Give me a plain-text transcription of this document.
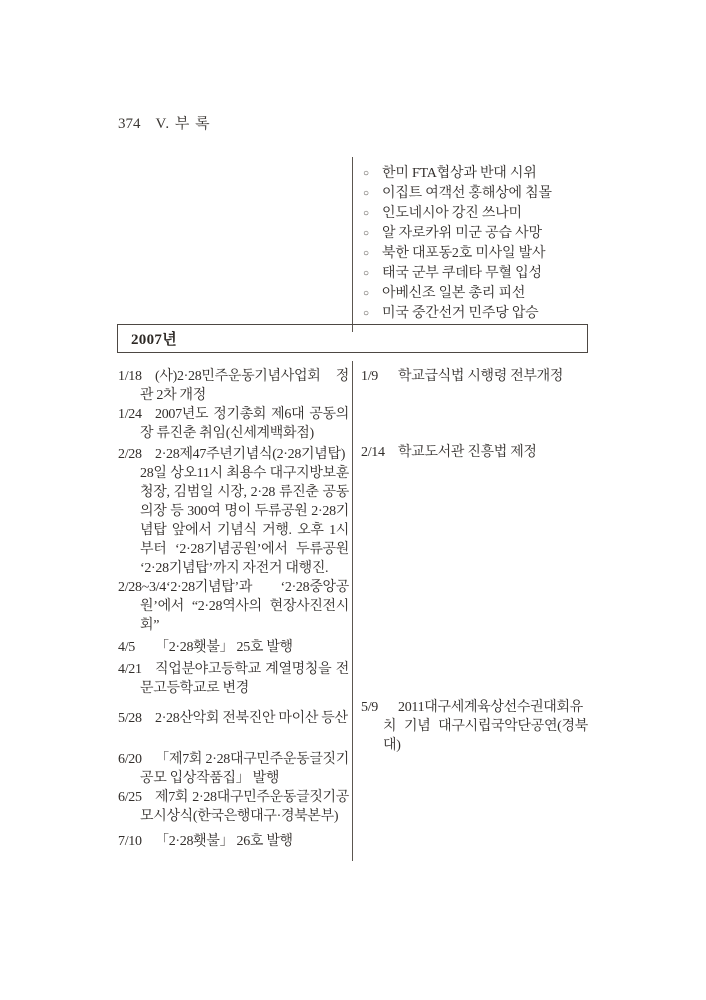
374 V. 부 록
○ 한미 FTA협상과 반대 시위
○ 이집트 여객선 홍해상에 침몰
○ 인도네시아 강진 쓰나미
○ 알 자로카위 미군 공습 사망
○ 북한 대포동2호 미사일 발사
○ 태국 군부 쿠데타 무혈 입성
○ 아베신조 일본 총리 피선
○ 미국 중간선거 민주당 압승
2007년
1/18 (사)2·28민주운동기념사업회 정관 2차 개정
1/24 2007년도 정기총회 제6대 공동의장 류진춘 취임(신세계백화점)
2/28 2·28제47주년기념식(2·28기념탑) 28일 상오11시 최용수 대구지방보훈청장, 김범일 시장, 2·28 류진춘 공동의장 등 300여 명이 두류공원 2·28기념탑 앞에서 기념식 거행. 오후 1시부터 ‘2·28기념공원’에서 두류공원 ‘2·28기념탑’까지 자전거 대행진.
2/28~3/4‘2·28기념탑’과 ‘2·28중앙공원’에서 “2·28역사의 현장사진전시회”
4/5 「2·28횃불」 25호 발행
4/21 직업분야고등학교 계열명칭을 전문고등학교로 변경
5/28 2·28산악회 전북진안 마이산 등산
6/20 「제7회 2·28대구민주운동글짓기 공모 입상작품집」 발행
6/25 제7회 2·28대구민주운동글짓기공모시상식(한국은행대구·경북본부)
7/10 「2·28횃불」 26호 발행
1/9 학교급식법 시행령 전부개정
2/14 학교도서관 진흥법 제정
5/9 2011대구세계육상선수권대회유치 기념 대구시립국악단공연(경북대)
